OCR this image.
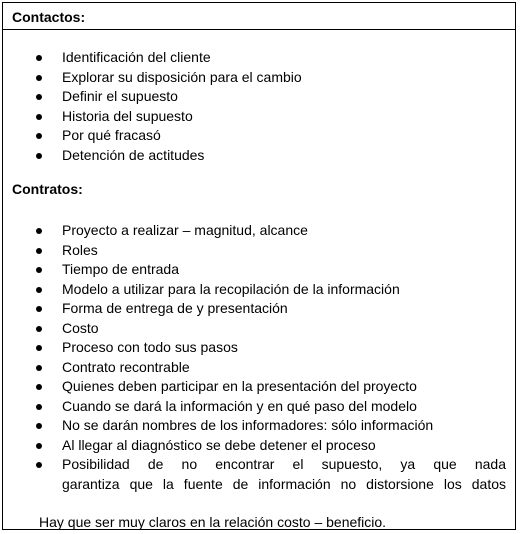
Contactos:
Identificación del cliente
Explorar su disposición para el cambio
Definir el supuesto
Historia del supuesto
Por qué fracasó
Detención de actitudes
Contratos:
Proyecto a realizar – magnitud, alcance
Roles
Tiempo de entrada
Modelo a utilizar para la recopilación de la información
Forma de entrega de y presentación
Costo
Proceso con todo sus pasos
Contrato recontrable
Quienes deben participar en la presentación del proyecto
Cuando se dará la información y en qué paso del modelo
No se darán nombres de los informadores: sólo información
Al llegar al diagnóstico se debe detener el proceso
Posibilidad de no encontrar el supuesto, ya que nada
garantiza que la fuente de información no distorsione los datos
Hay que ser muy claros en la relación costo – beneficio.
